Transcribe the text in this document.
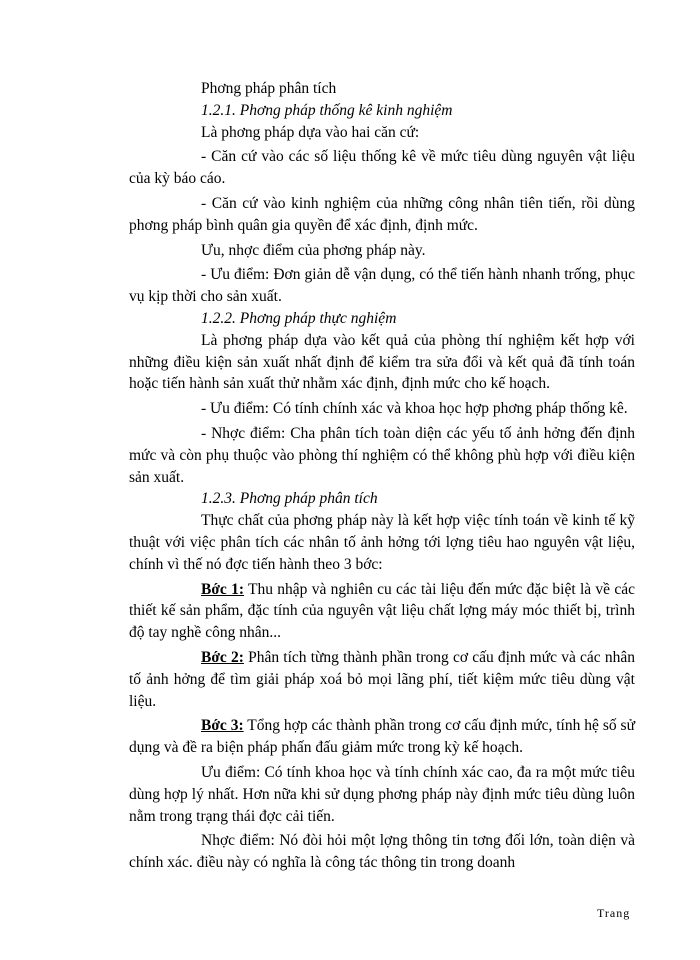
Phơng pháp phân tích

1.2.1. Phơng pháp thống kê kinh nghiệm

Là phơng pháp dựa vào hai căn cứ:

- Căn cứ vào các số liệu thống kê về mức tiêu dùng nguyên vật liệu của kỳ báo cáo.

- Căn cứ vào kinh nghiệm của những công nhân tiên tiến, rồi dùng phơng pháp bình quân gia quyền để xác định, định mức.

Ưu, nhợc điểm của phơng pháp này.

- Ưu điểm: Đơn giản dễ vận dụng, có thể tiến hành nhanh trống, phục vụ kịp thời cho sản xuất.

1.2.2. Phơng pháp thực nghiệm

Là phơng pháp dựa vào kết quả của phòng thí nghiệm kết hợp với những điều kiện sản xuất nhất định để kiểm tra sửa đổi và kết quả đã tính toán hoặc tiến hành sản xuất thử nhằm xác định, định mức cho kế hoạch.

- Ưu điểm: Có tính chính xác và khoa học hợp phơng pháp thống kê.

- Nhợc điểm: Cha phân tích toàn diện các yếu tố ảnh hởng đến định mức và còn phụ thuộc vào phòng thí nghiệm có thể không phù hợp với điều kiện sản xuất.

1.2.3. Phơng pháp phân tích

Thực chất của phơng pháp này là kết hợp việc tính toán về kinh tế kỹ thuật với việc phân tích các nhân tố ảnh hởng tới lợng tiêu hao nguyên vật liệu, chính vì thế nó đợc tiến hành theo 3 bớc:

Bớc 1: Thu nhập và nghiên cu các tài liệu đến mức đặc biệt là về các thiết kế sản phẩm, đặc tính của nguyên vật liệu chất lợng máy móc thiết bị, trình độ tay nghề công nhân...

Bớc 2: Phân tích từng thành phần trong cơ cấu định mức và các nhân tố ảnh hởng để tìm giải pháp xoá bỏ mọi lãng phí, tiết kiệm mức tiêu dùng vật liệu.

Bớc 3: Tổng hợp các thành phần trong cơ cấu định mức, tính hệ số sử dụng và đề ra biện pháp phấn đấu giảm mức trong kỳ kế hoạch.

Ưu điểm: Có tính khoa học và tính chính xác cao, đa ra một mức tiêu dùng hợp lý nhất. Hơn nữa khi sử dụng phơng pháp này định mức tiêu dùng luôn nằm trong trạng thái đợc cải tiến.

Nhợc điểm: Nó đòi hỏi một lợng thông tin tơng đối lớn, toàn diện và chính xác. điều này có nghĩa là công tác thông tin trong doanh

Trang
